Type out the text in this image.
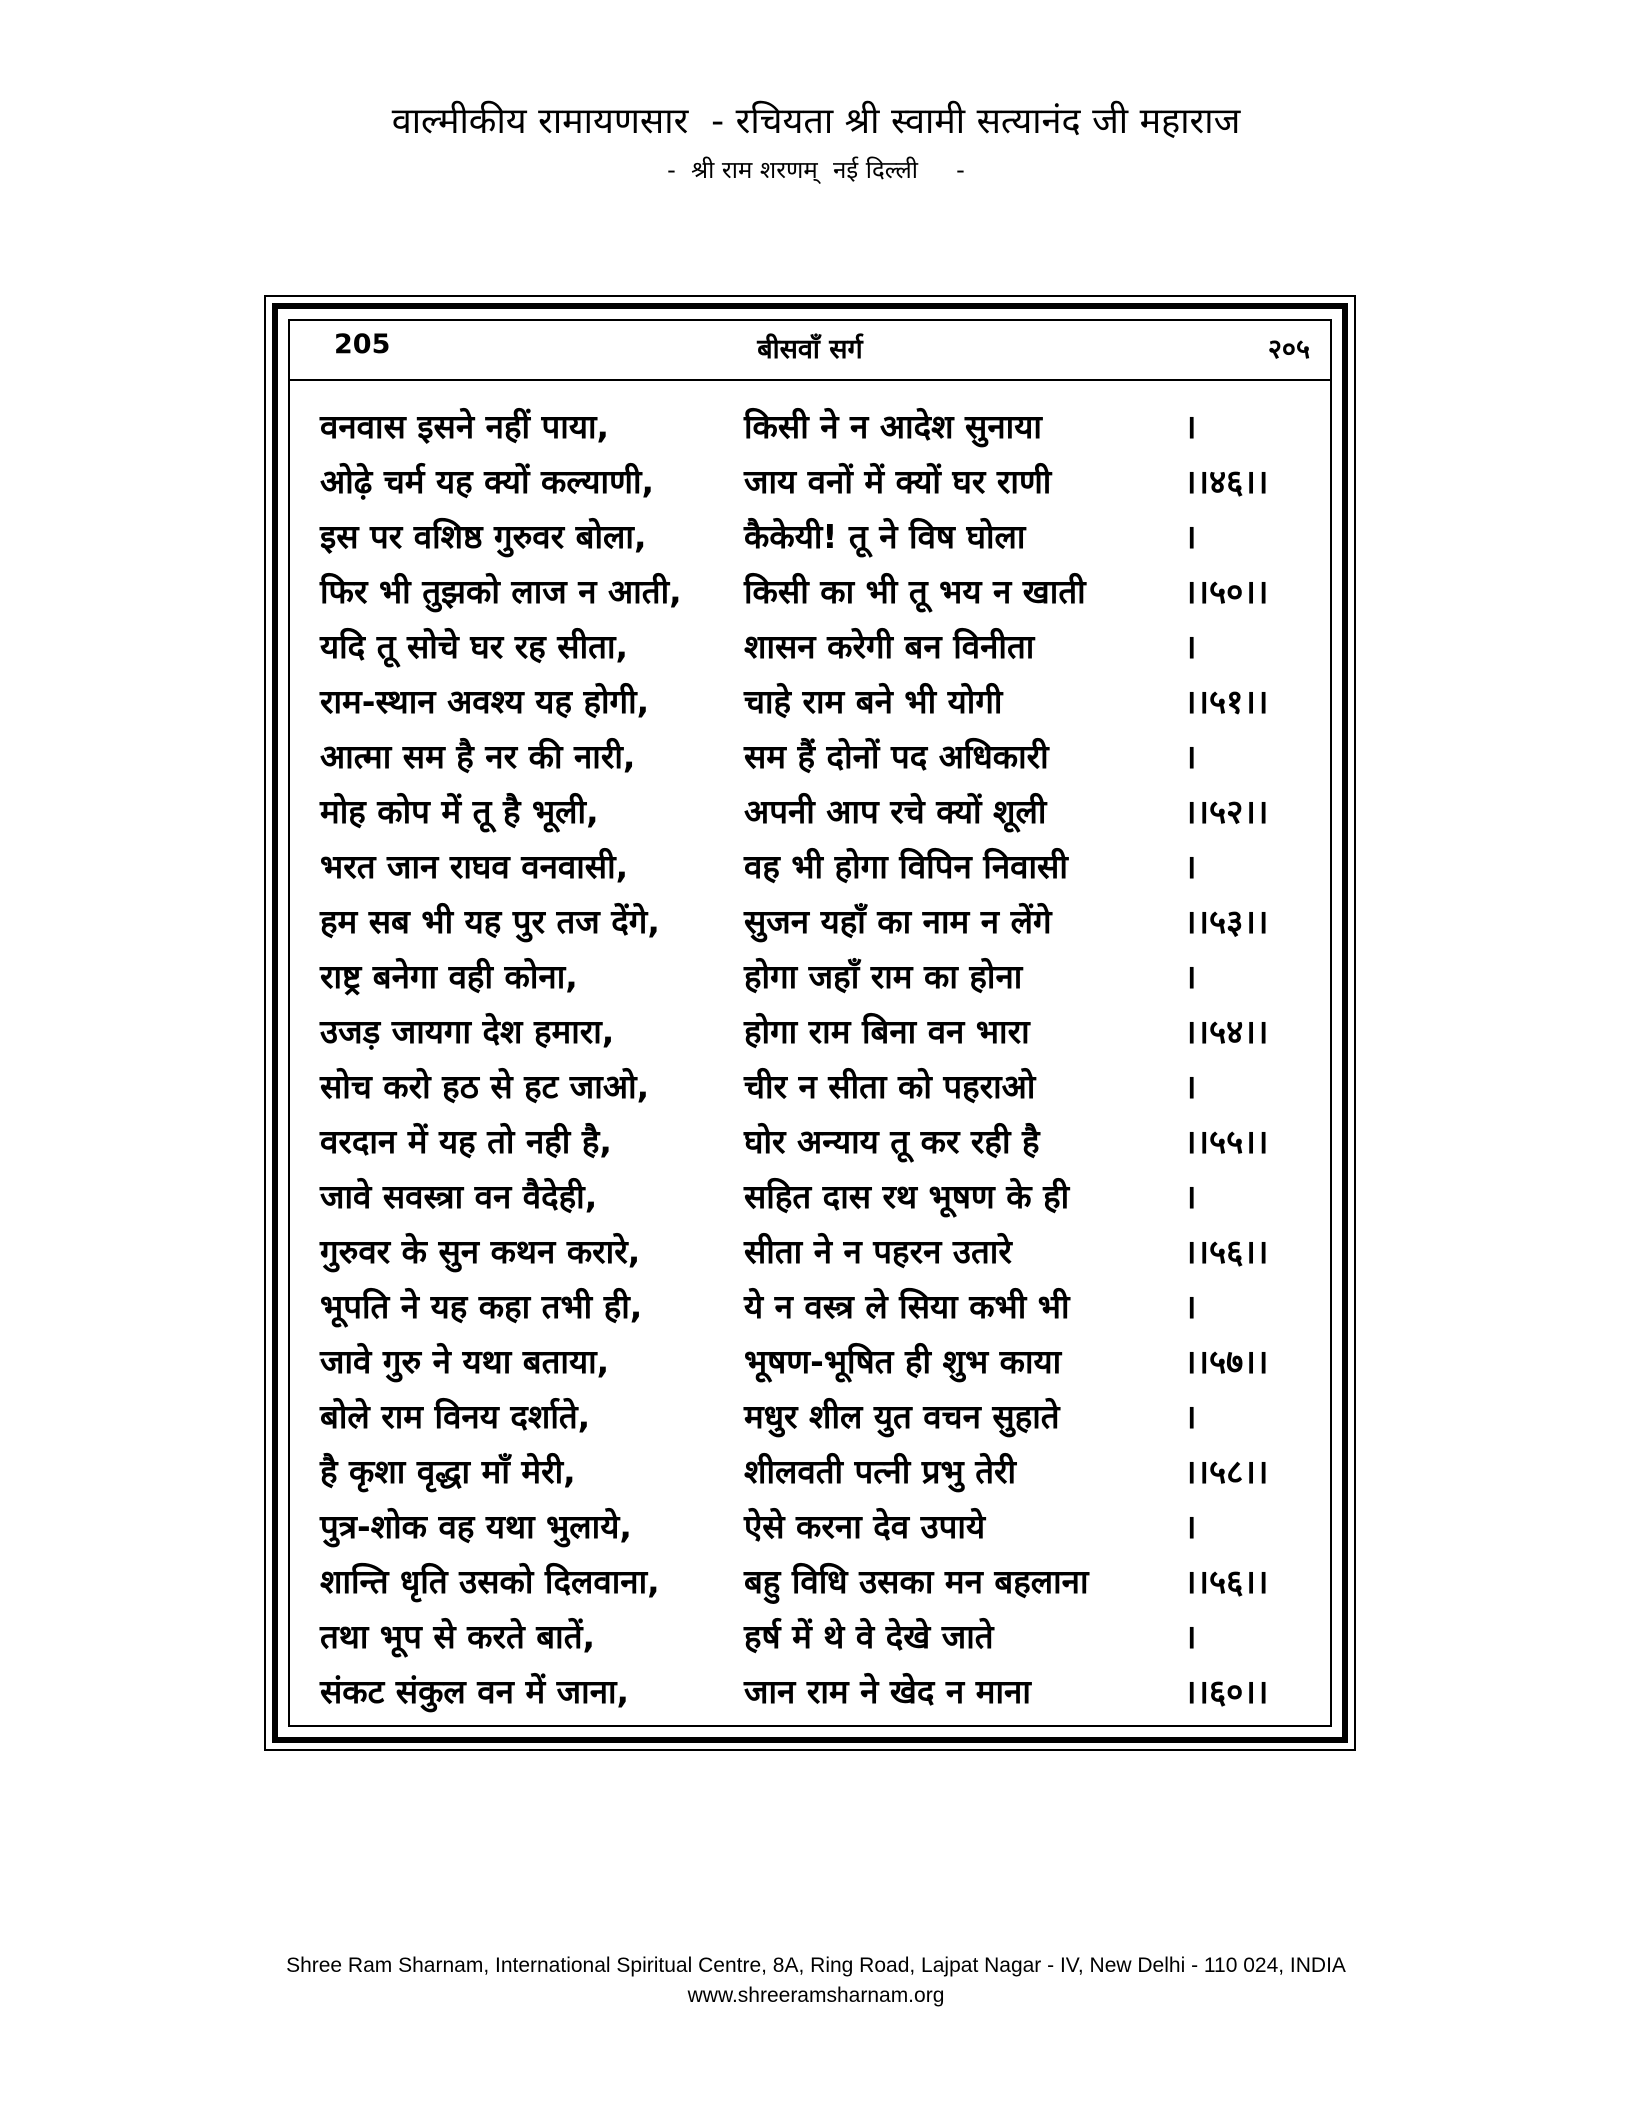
वाल्मीकीय रामायणसार  - रचियता श्री स्वामी सत्यानंद जी महाराज
-  श्री राम शरणम्  नई दिल्ली     -
205	बीसवाँ सर्ग	२०५
वनवास इसने नहीं पाया,	किसी ने न आदेश सुनाया	।
ओढ़े चर्म यह क्यों कल्याणी,	जाय वनों में क्यों घर राणी	।।४६।।
इस पर वशिष्ठ गुरुवर बोला,	कैकेयी! तू ने विष घोला	।
फिर भी तुझको लाज न आती,	किसी का भी तू भय न खाती	।।५०।।
यदि तू सोचे घर रह सीता,	शासन करेगी बन विनीता	।
राम-स्थान अवश्य यह होगी,	चाहे राम बने भी योगी	।।५१।।
आत्मा सम है नर की नारी,	सम हैं दोनों पद अधिकारी	।
मोह कोप में तू है भूली,	अपनी आप रचे क्यों शूली	।।५२।।
भरत जान राघव वनवासी,	वह भी होगा विपिन निवासी	।
हम सब भी यह पुर तज देंगे,	सुजन यहाँ का नाम न लेंगे	।।५३।।
राष्ट्र बनेगा वही कोना,	होगा जहाँ राम का होना	।
उजड़ जायगा देश हमारा,	होगा राम बिना वन भारा	।।५४।।
सोच करो हठ से हट जाओ,	चीर न सीता को पहराओ	।
वरदान में यह तो नही है,	घोर अन्याय तू कर रही है	।।५५।।
जावे सवस्त्रा वन वैदेही,	सहित दास रथ भूषण के ही	।
गुरुवर के सुन कथन करारे,	सीता ने न पहरन उतारे	।।५६।।
भूपति ने यह कहा तभी ही,	ये न वस्त्र ले सिया कभी भी	।
जावे गुरु ने यथा बताया,	भूषण-भूषित ही शुभ काया	।।५७।।
बोले राम विनय दर्शाते,	मधुर शील युत वचन सुहाते	।
है कृशा वृद्धा माँ मेरी,	शीलवती पत्नी प्रभु तेरी	।।५८।।
पुत्र-शोक वह यथा भुलाये,	ऐसे करना देव उपाये	।
शान्ति धृति उसको दिलवाना,	बहु विधि उसका मन बहलाना	।।५६।।
तथा भूप से करते बातें,	हर्ष में थे वे देखे जाते	।
संकट संकुल वन में जाना,	जान राम ने खेद न माना	।।६०।।
Shree Ram Sharnam, International Spiritual Centre, 8A, Ring Road, Lajpat Nagar - IV, New Delhi - 110 024, INDIA
www.shreeramsharnam.org
